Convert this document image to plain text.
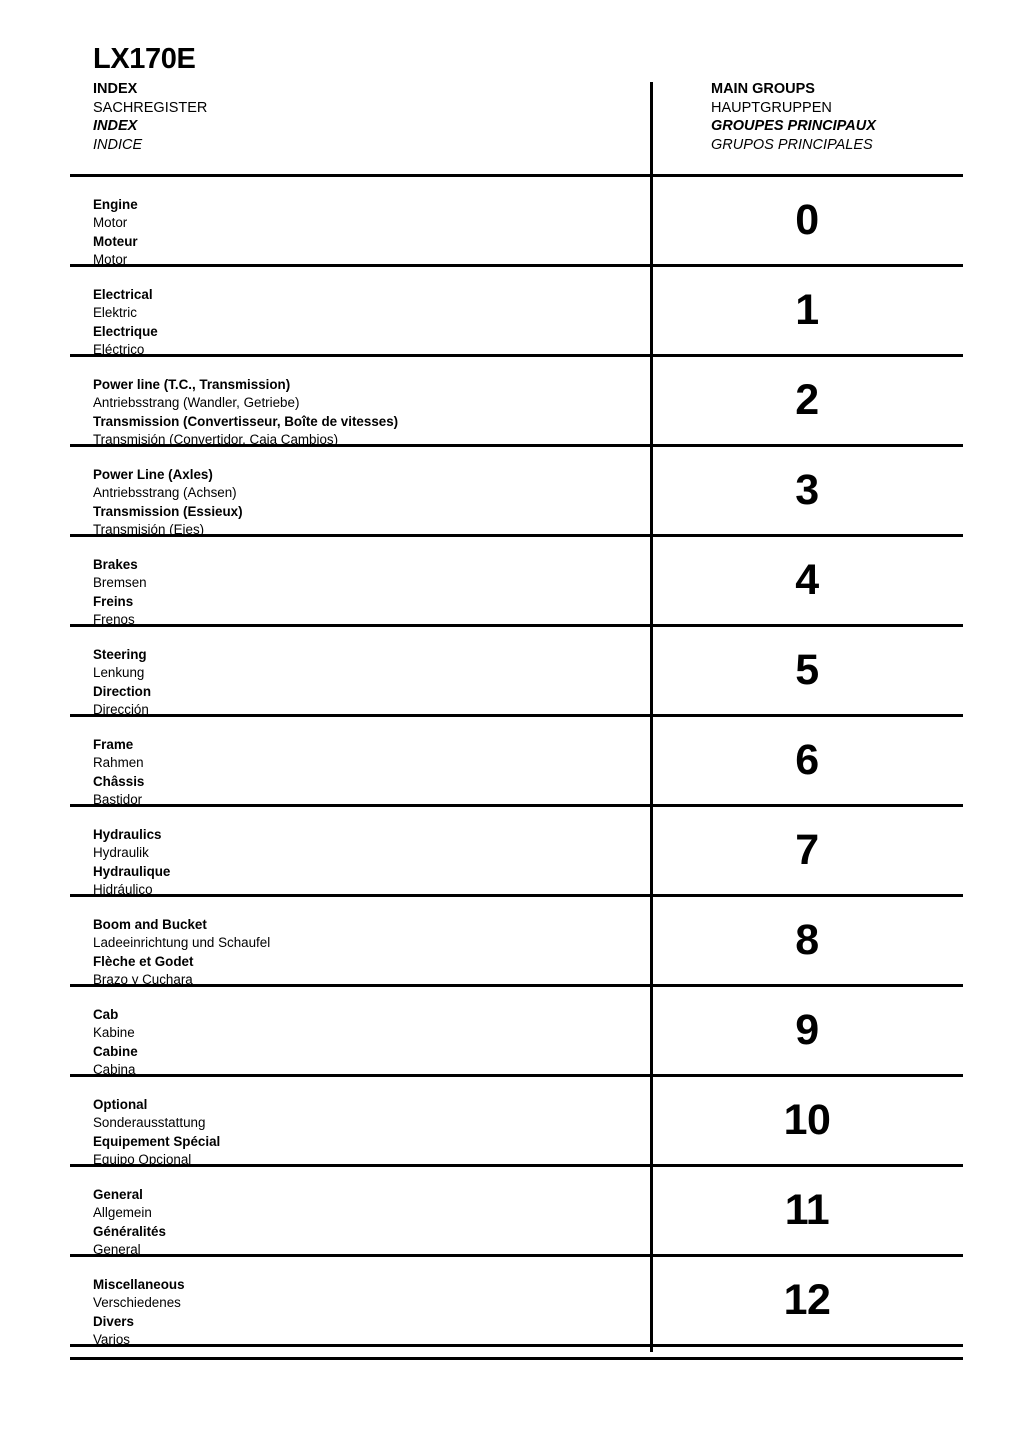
LX170E
INDEX
SACHREGISTER
INDEX
INDICE
MAIN GROUPS
HAUPTGRUPPEN
GROUPES PRINCIPAUX
GRUPOS PRINCIPALES
Engine
Motor
Moteur
Motor
0
Electrical
Elektric
Electrique
Eléctrico
1
Power line (T.C., Transmission)
Antriebsstrang (Wandler, Getriebe)
Transmission (Convertisseur, Boîte de vitesses)
Transmisión (Convertidor, Caja Cambios)
2
Power Line (Axles)
Antriebsstrang (Achsen)
Transmission (Essieux)
Transmisión (Ejes)
3
Brakes
Bremsen
Freins
Frenos
4
Steering
Lenkung
Direction
Dirección
5
Frame
Rahmen
Châssis
Bastidor
6
Hydraulics
Hydraulik
Hydraulique
Hidráulico
7
Boom and Bucket
Ladeeinrichtung und Schaufel
Flèche et Godet
Brazo y Cuchara
8
Cab
Kabine
Cabine
Cabina
9
Optional
Sonderausstattung
Equipement Spécial
Equipo Opcional
10
General
Allgemein
Généralités
General
11
Miscellaneous
Verschiedenes
Divers
Varios
12
